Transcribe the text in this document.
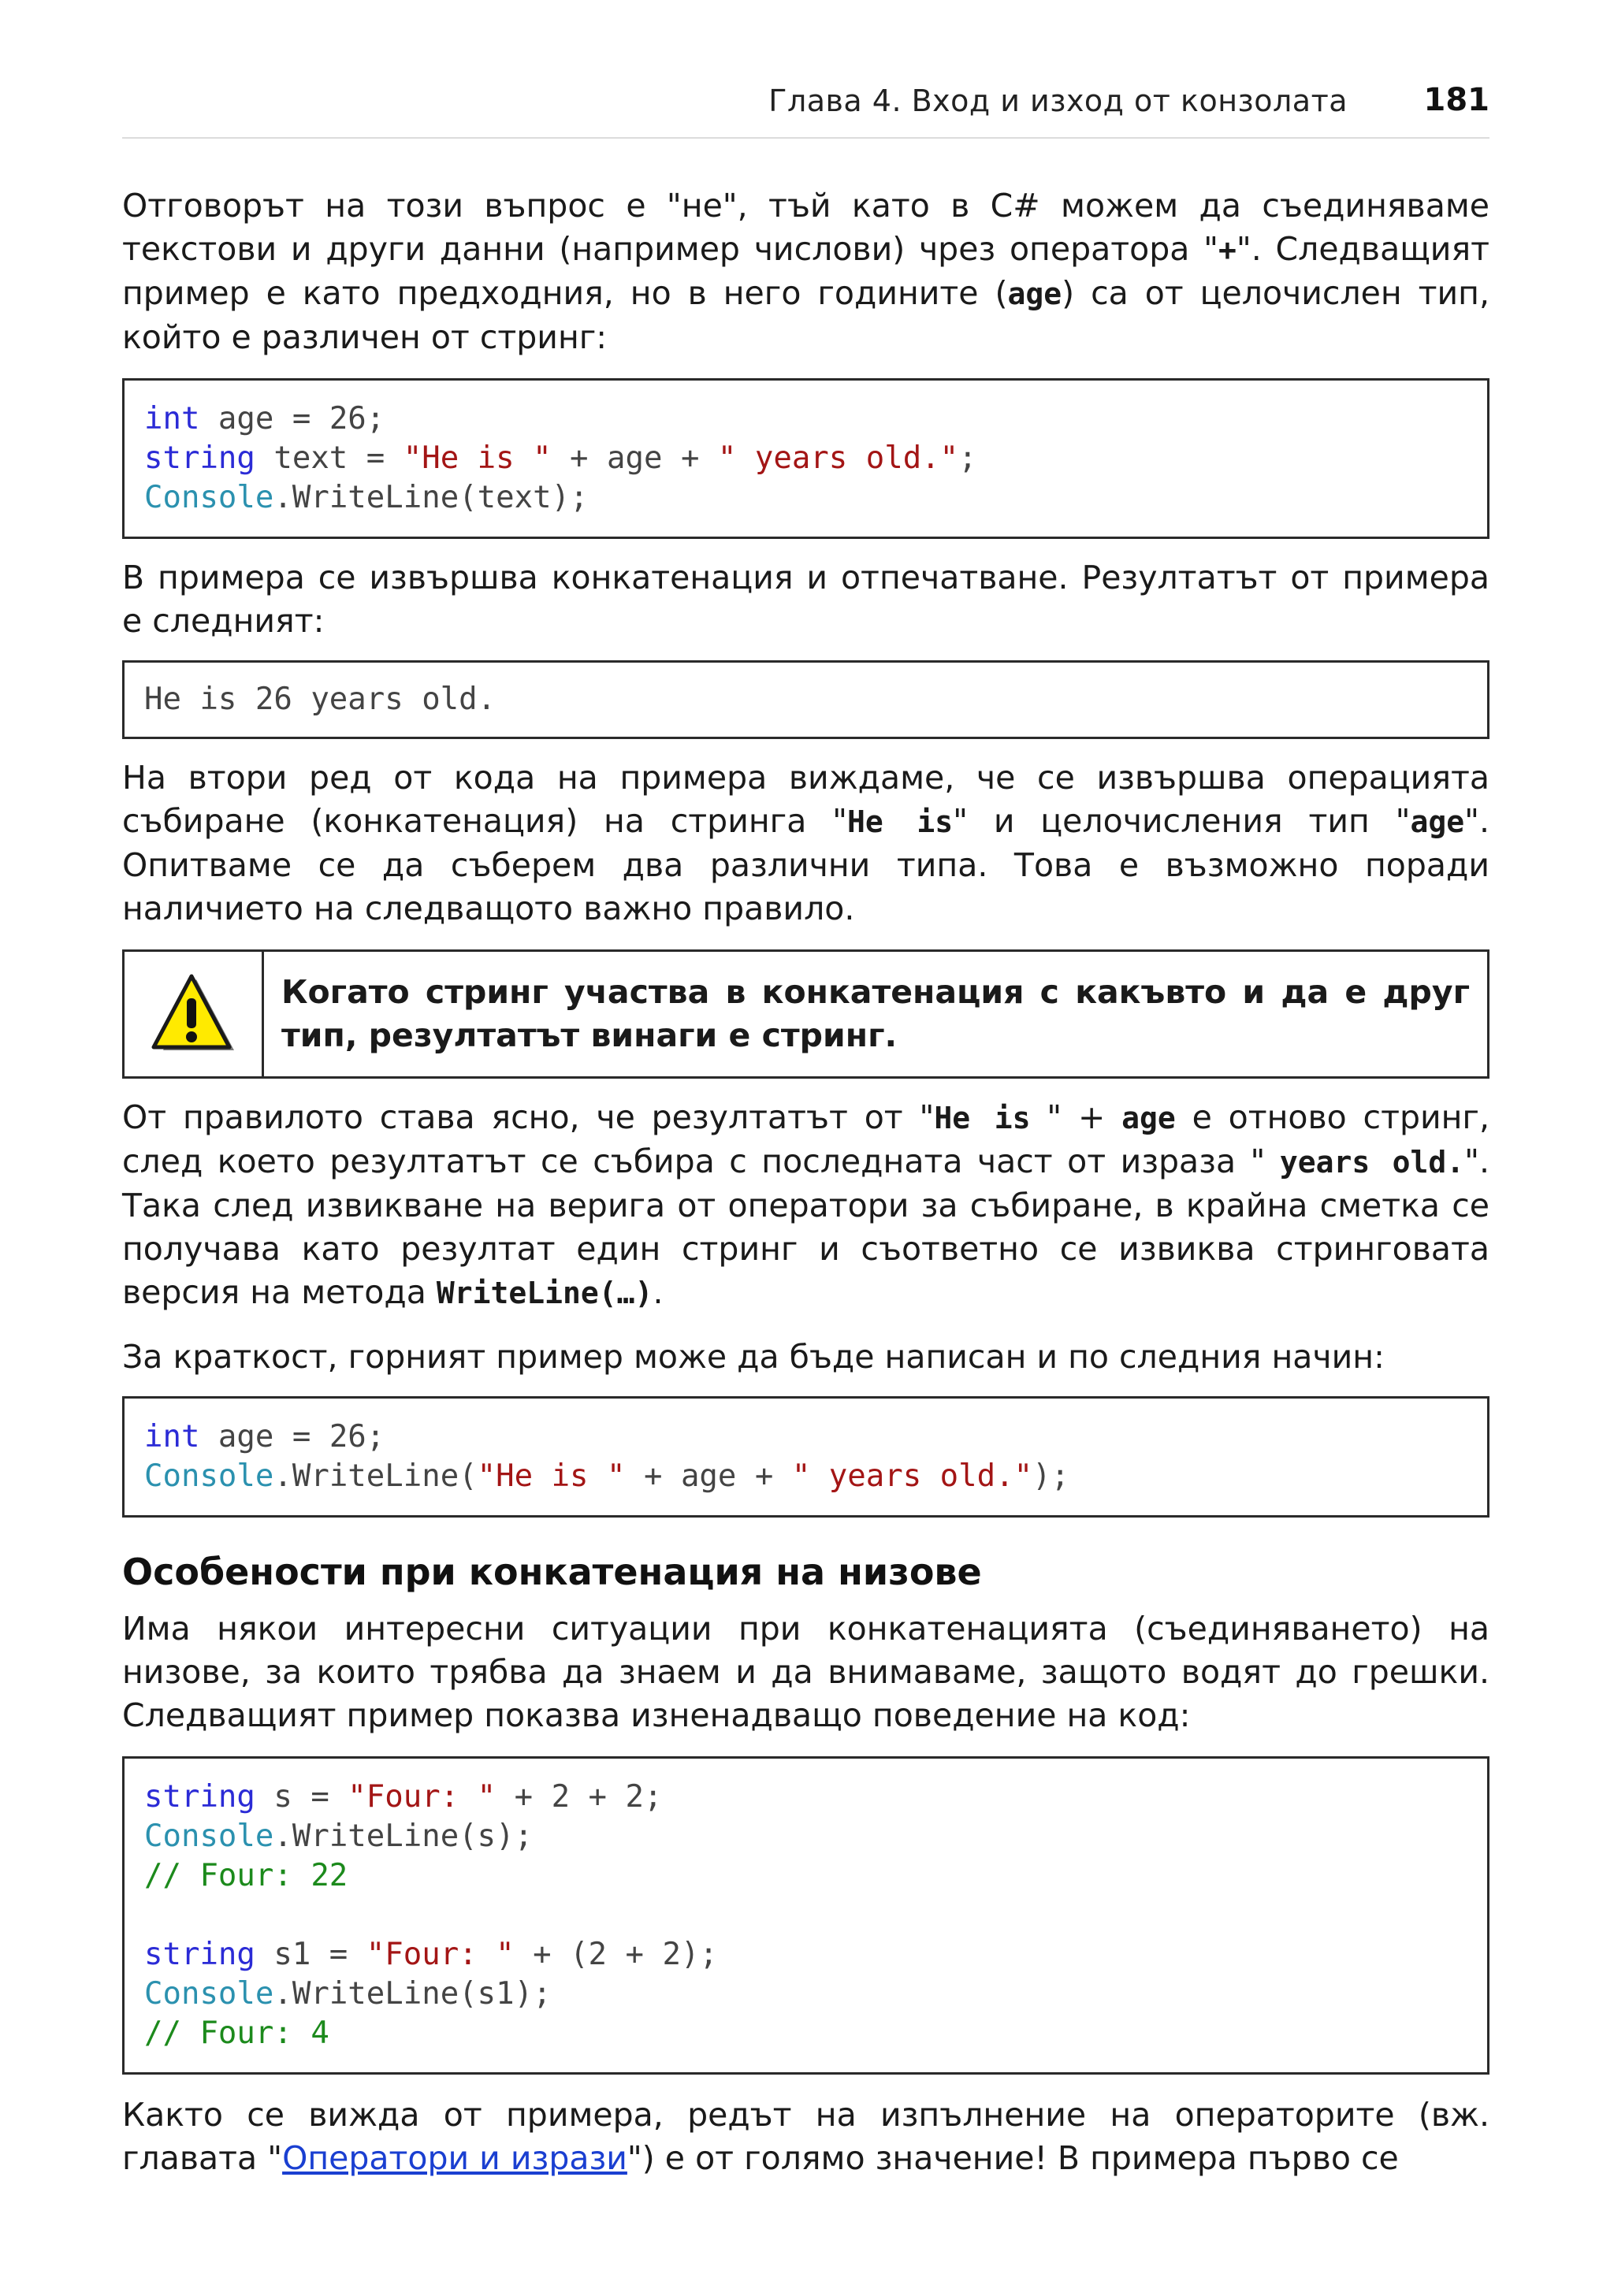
Глава 4. Вход и изход от конзолата 181

Отговорът на този въпрос е "не", тъй като в C# можем да съединяваме текстови и други данни (например числови) чрез оператора "+". Следващият пример е като предходния, но в него годините (age) са от целочислен тип, който е различен от стринг:

int age = 26;
string text = "He is " + age + " years old.";
Console.WriteLine(text);

В примера се извършва конкатенация и отпечатване. Резултатът от примера е следният:

He is 26 years old.

На втори ред от кода на примера виждаме, че се извършва операцията събиране (конкатенация) на стринга "He is" и целочисления тип "age". Опитваме се да съберем два различни типа. Това е възможно поради наличието на следващото важно правило.

Когато стринг участва в конкатенация с какъвто и да е друг тип, резултатът винаги е стринг.

От правилото става ясно, че резултатът от "He is " + age е отново стринг, след което резултатът се събира с последната част от израза " years old.". Така след извикване на верига от оператори за събиране, в крайна сметка се получава като резултат един стринг и съответно се извиква стринговата версия на метода WriteLine(…).

За краткост, горният пример може да бъде написан и по следния начин:

int age = 26;
Console.WriteLine("He is " + age + " years old.");
Особености при конкатенация на низове

Има някои интересни ситуации при конкатенацията (съединяването) на низове, за които трябва да знаем и да внимаваме, защото водят до грешки. Следващият пример показва изненадващо поведение на код:

string s = "Four: " + 2 + 2;
Console.WriteLine(s);
// Four: 22

string s1 = "Four: " + (2 + 2);
Console.WriteLine(s1);
// Four: 4

Както се вижда от примера, редът на изпълнение на операторите (вж. главата "Оператори и изрази") е от голямо значение! В примера първо се
